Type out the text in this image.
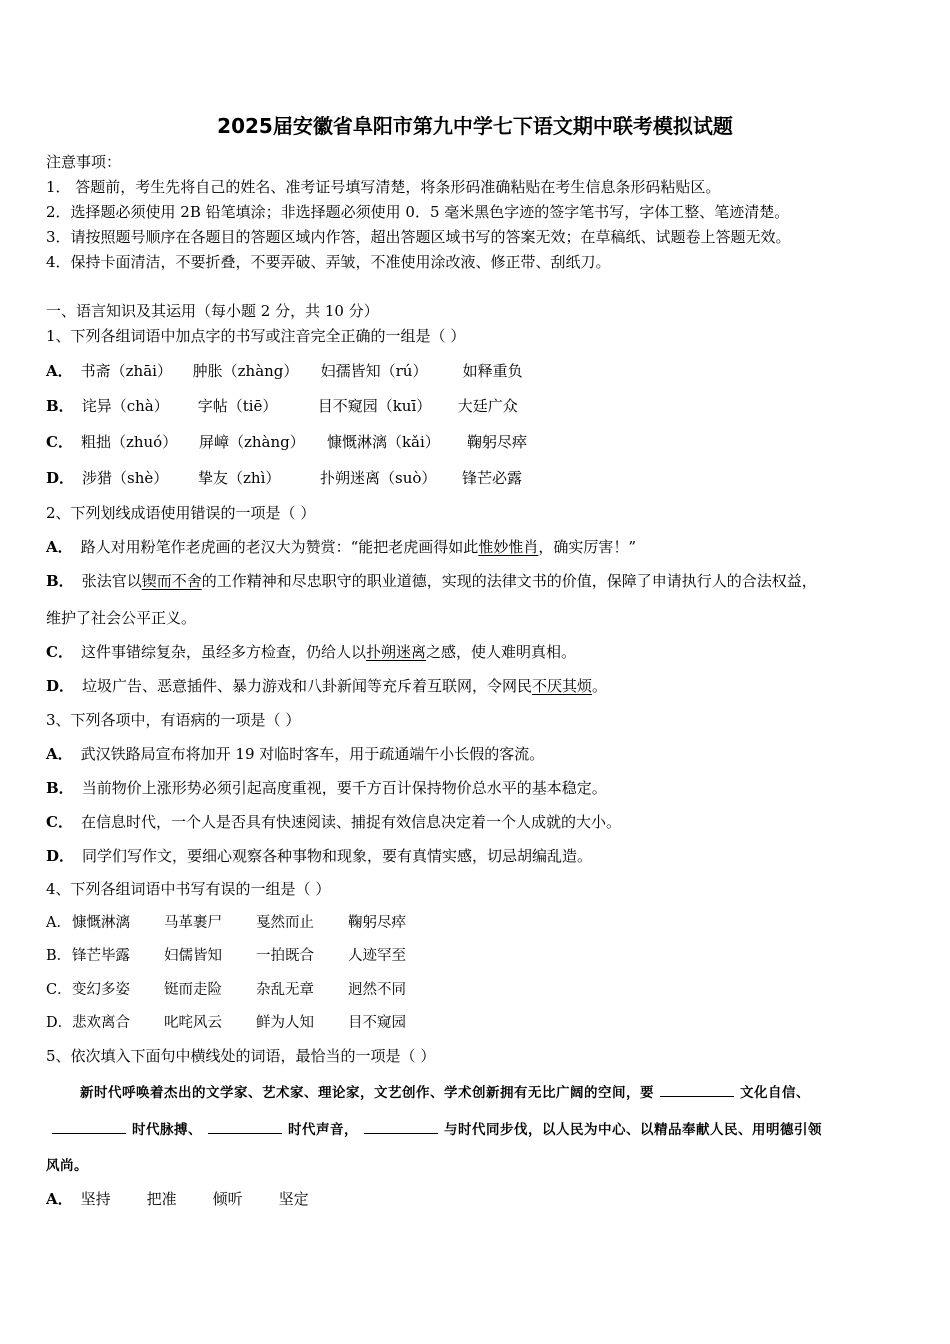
2025届安徽省阜阳市第九中学七下语文期中联考模拟试题
注意事项：
1． 答题前，考生先将自己的姓名、准考证号填写清楚，将条形码准确粘贴在考生信息条形码粘贴区。
2．选择题必须使用 2B 铅笔填涂；非选择题必须使用 0．5 毫米黑色字迹的签字笔书写，字体工整、笔迹清楚。
3．请按照题号顺序在各题目的答题区域内作答，超出答题区域书写的答案无效；在草稿纸、试题卷上答题无效。
4．保持卡面清洁，不要折叠，不要弄破、弄皱，不准使用涂改液、修正带、刮纸刀。
一、语言知识及其运用（每小题 2 分，共 10 分）
1、下列各组词语中加点字的书写或注音完全正确的一组是（ ）
A． 书斋（zhāi） 肿胀（zhàng） 妇孺皆知（rú） 如释重负
B． 诧异（chà） 字帖（tiē）	目不窥园（kuī） 大廷广众
C． 粗拙（zhuó） 屏嶂（zhàng） 慷慨淋漓（kǎi） 鞠躬尽瘁
D． 涉猎（shè） 挚友（zhì）	扑朔迷离（suò） 锋芒必露
2、下列划线成语使用错误的一项是（ ）
A． 路人对用粉笔作老虎画的老汉大为赞赏：“能把老虎画得如此惟妙惟肖，确实厉害！”
B． 张法官以锲而不舍的工作精神和尽忠职守的职业道德，实现的法律文书的价值，保障了申请执行人的合法权益，
维护了社会公平正义。
C． 这件事错综复杂，虽经多方检查，仍给人以扑朔迷离之感，使人难明真相。
D． 垃圾广告、恶意插件、暴力游戏和八卦新闻等充斥着互联网，令网民不厌其烦。
3、下列各项中，有语病的一项是（ ）
A． 武汉铁路局宣布将加开 19 对临时客车，用于疏通端午小长假的客流。
B． 当前物价上涨形势必须引起高度重视，要千方百计保持物价总水平的基本稳定。
C． 在信息时代，一个人是否具有快速阅读、捕捉有效信息决定着一个人成就的大小。
D． 同学们写作文，要细心观察各种事物和现象，要有真情实感，切忌胡编乱造。
4、下列各组词语中书写有误的一组是（ ）
A．慷慨淋漓 马革裹尸 戛然而止 鞠躬尽瘁
B．锋芒毕露 妇儒皆知 一拍既合 人迹罕至
C．变幻多姿 铤而走险 杂乱无章 迥然不同
D．悲欢离合 叱咤风云 鲜为人知 目不窥园
5、依次填入下面句中横线处的词语，最恰当的一项是（ ）
新时代呼唤着杰出的文学家、艺术家、理论家，文艺创作、学术创新拥有无比广阔的空间，要	文化自信、
时代脉搏、	时代声音，	与时代同步伐，以人民为中心、以精品奉献人民、用明德引领
风尚。
A． 坚持 把准 倾听 坚定
